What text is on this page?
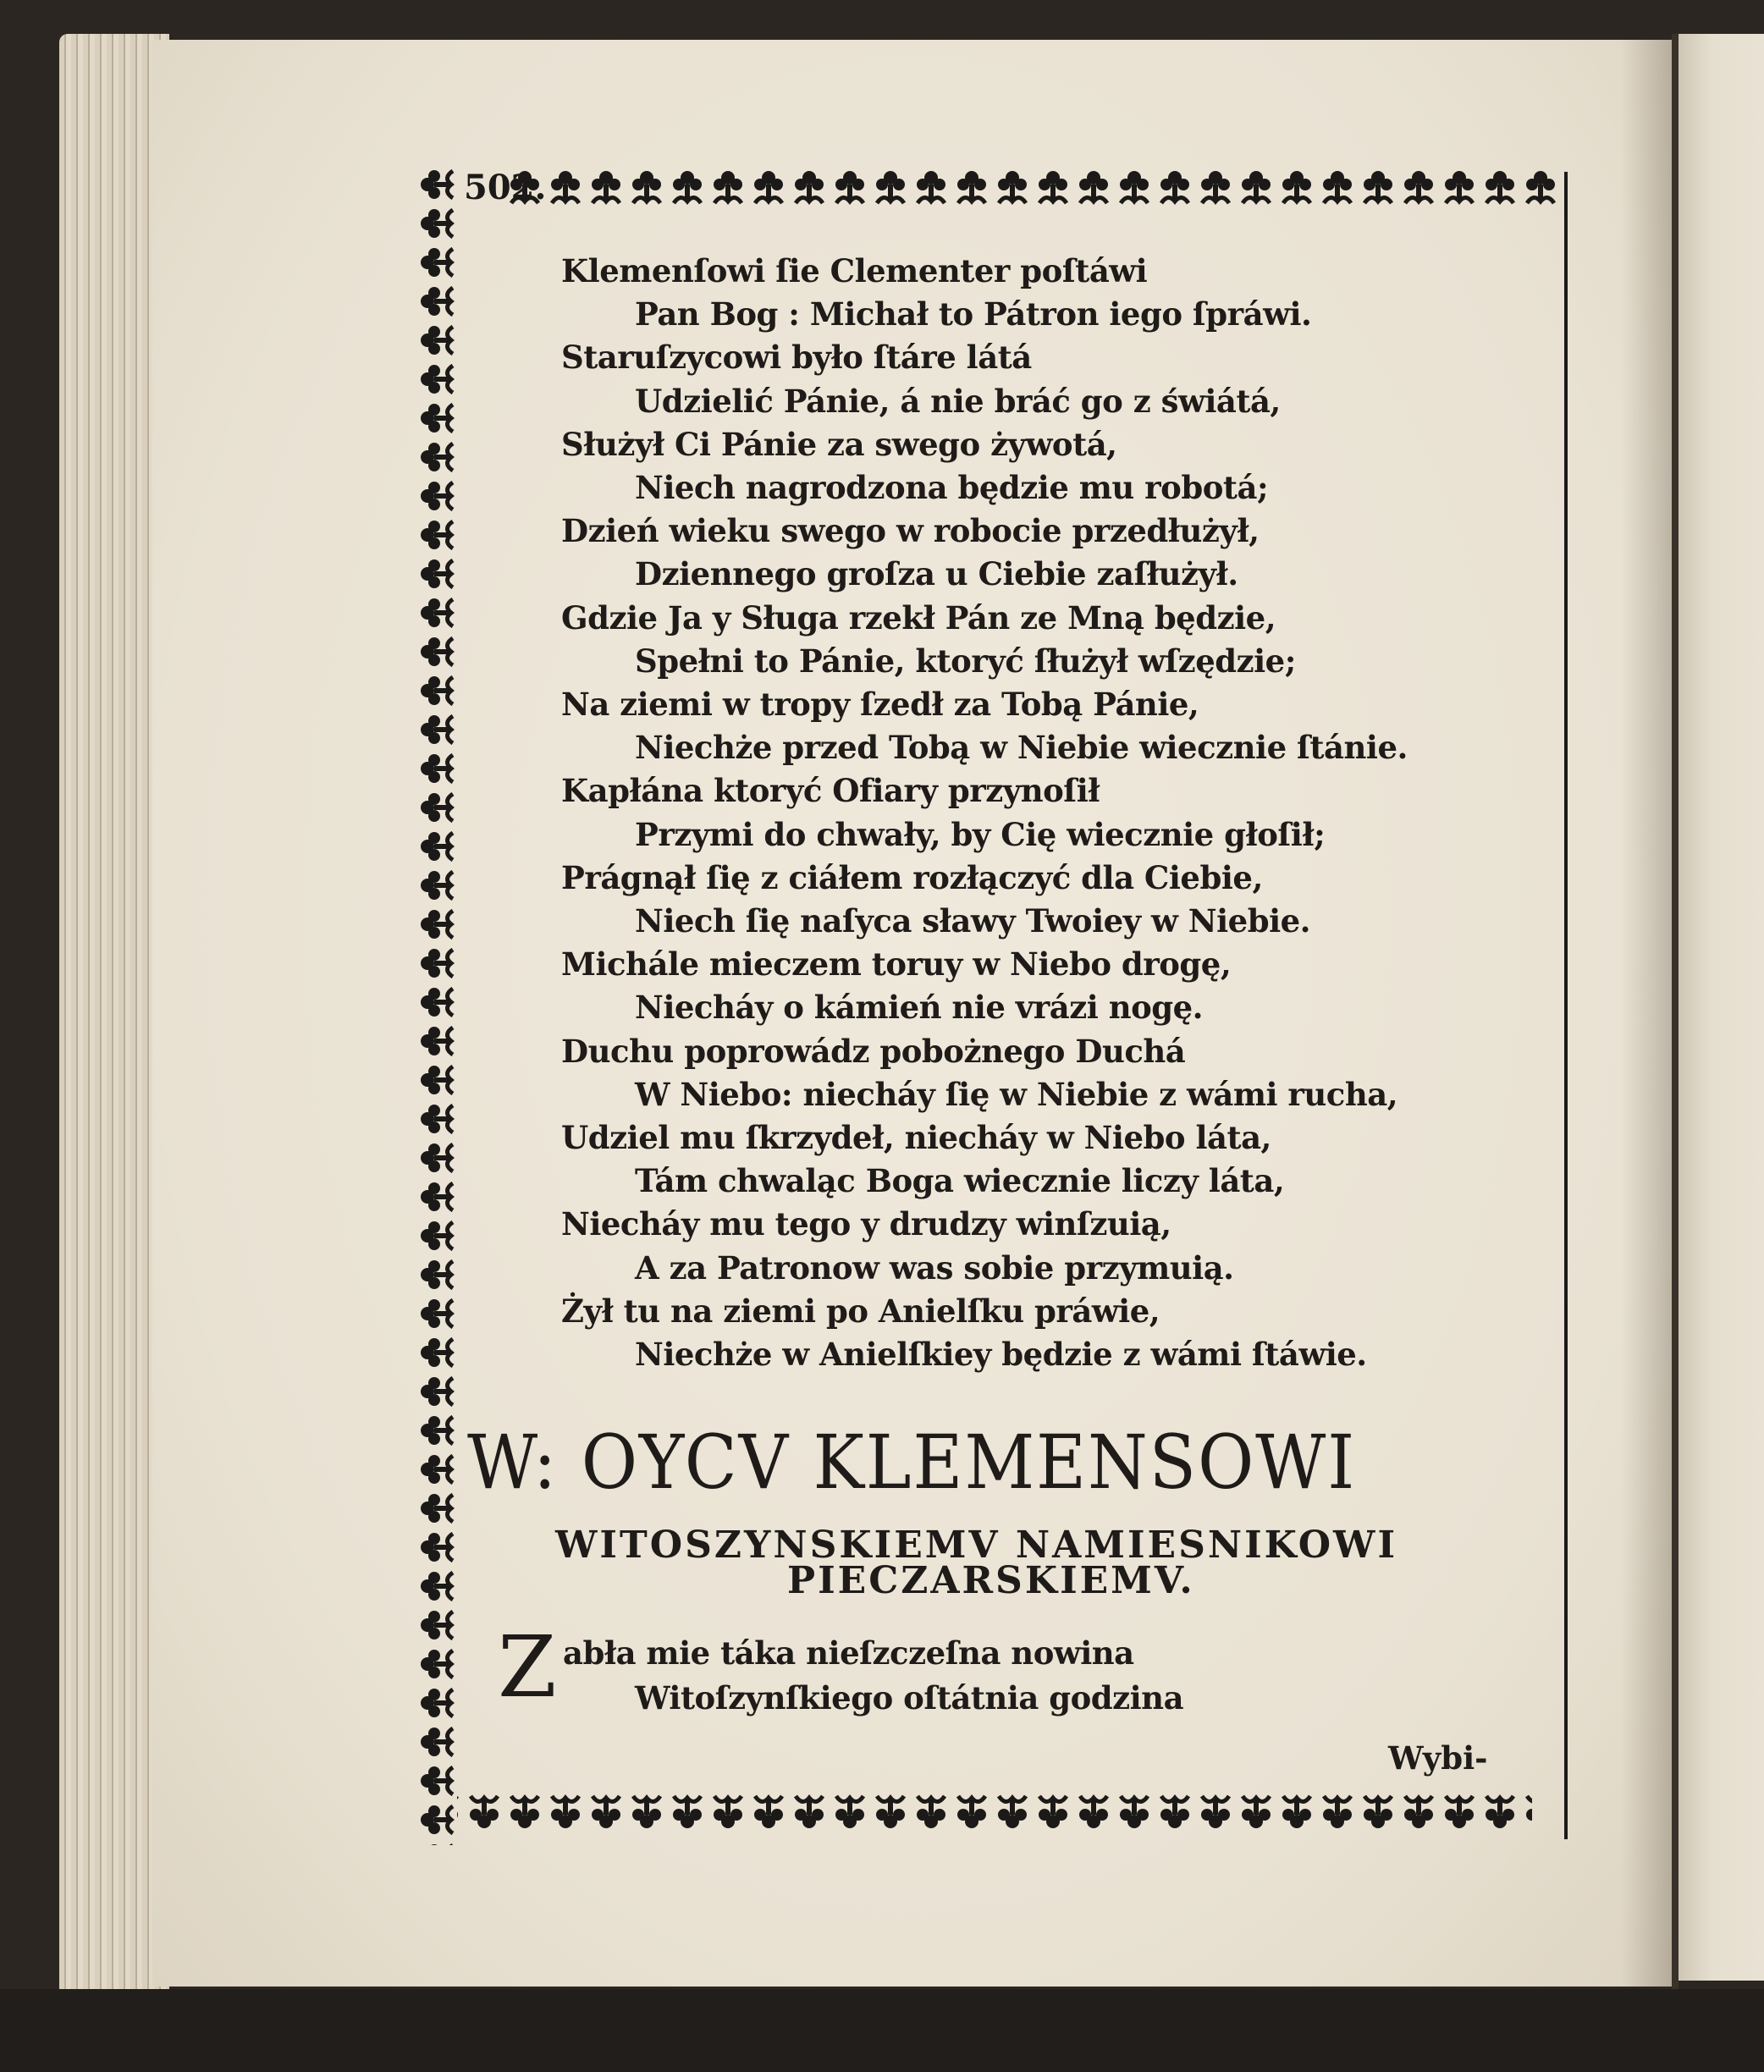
502.
Klemenſowi ſie Clementer poſtáwi
Pan Bog : Michał to Pátron iego ſpráwi.
Staruſzycowi było ſtáre látá
Udzielić Pánie, á nie bráć go z świátá,
Służył Ci Pánie za swego żywotá,
Niech nagrodzona będzie mu robotá;
Dzień wieku swego w robocie przedłużył,
Dziennego groſza u Ciebie zaſłużył.
Gdzie Ja y Sługa rzekł Pán ze Mną będzie,
Spełni to Pánie, ktoryć ſłużył wſzędzie;
Na ziemi w tropy ſzedł za Tobą Pánie,
Niechże przed Tobą w Niebie wiecznie ſtánie.
Kapłána ktoryć Ofiary przynoſił
Przymi do chwały, by Cię wiecznie głoſił;
Prágnął ſię z ciáłem rozłączyć dla Ciebie,
Niech ſię naſyca sławy Twoiey w Niebie.
Michále mieczem toruy w Niebo drogę,
Niecháy o kámień nie vrázi nogę.
Duchu poprowádz pobożnego Duchá
W Niebo: niecháy ſię w Niebie z wámi rucha,
Udziel mu ſkrzydeł, niecháy w Niebo láta,
Tám chwaląc Boga wiecznie liczy láta,
Niecháy mu tego y drudzy winſzuią,
A za Patronow was sobie przymuią.
Żył tu na ziemi po Anielſku práwie,
Niechże w Anielſkiey będzie z wámi ſtáwie.
W: OYCV KLEMENSOWI
WITOSZYNSKIEMV NAMIESNIKOWI
PIECZARSKIEMV.
Z abła mie táka nieſzczeſna nowina
Witoſzynſkiego oſtátnia godzina
Wybi-
